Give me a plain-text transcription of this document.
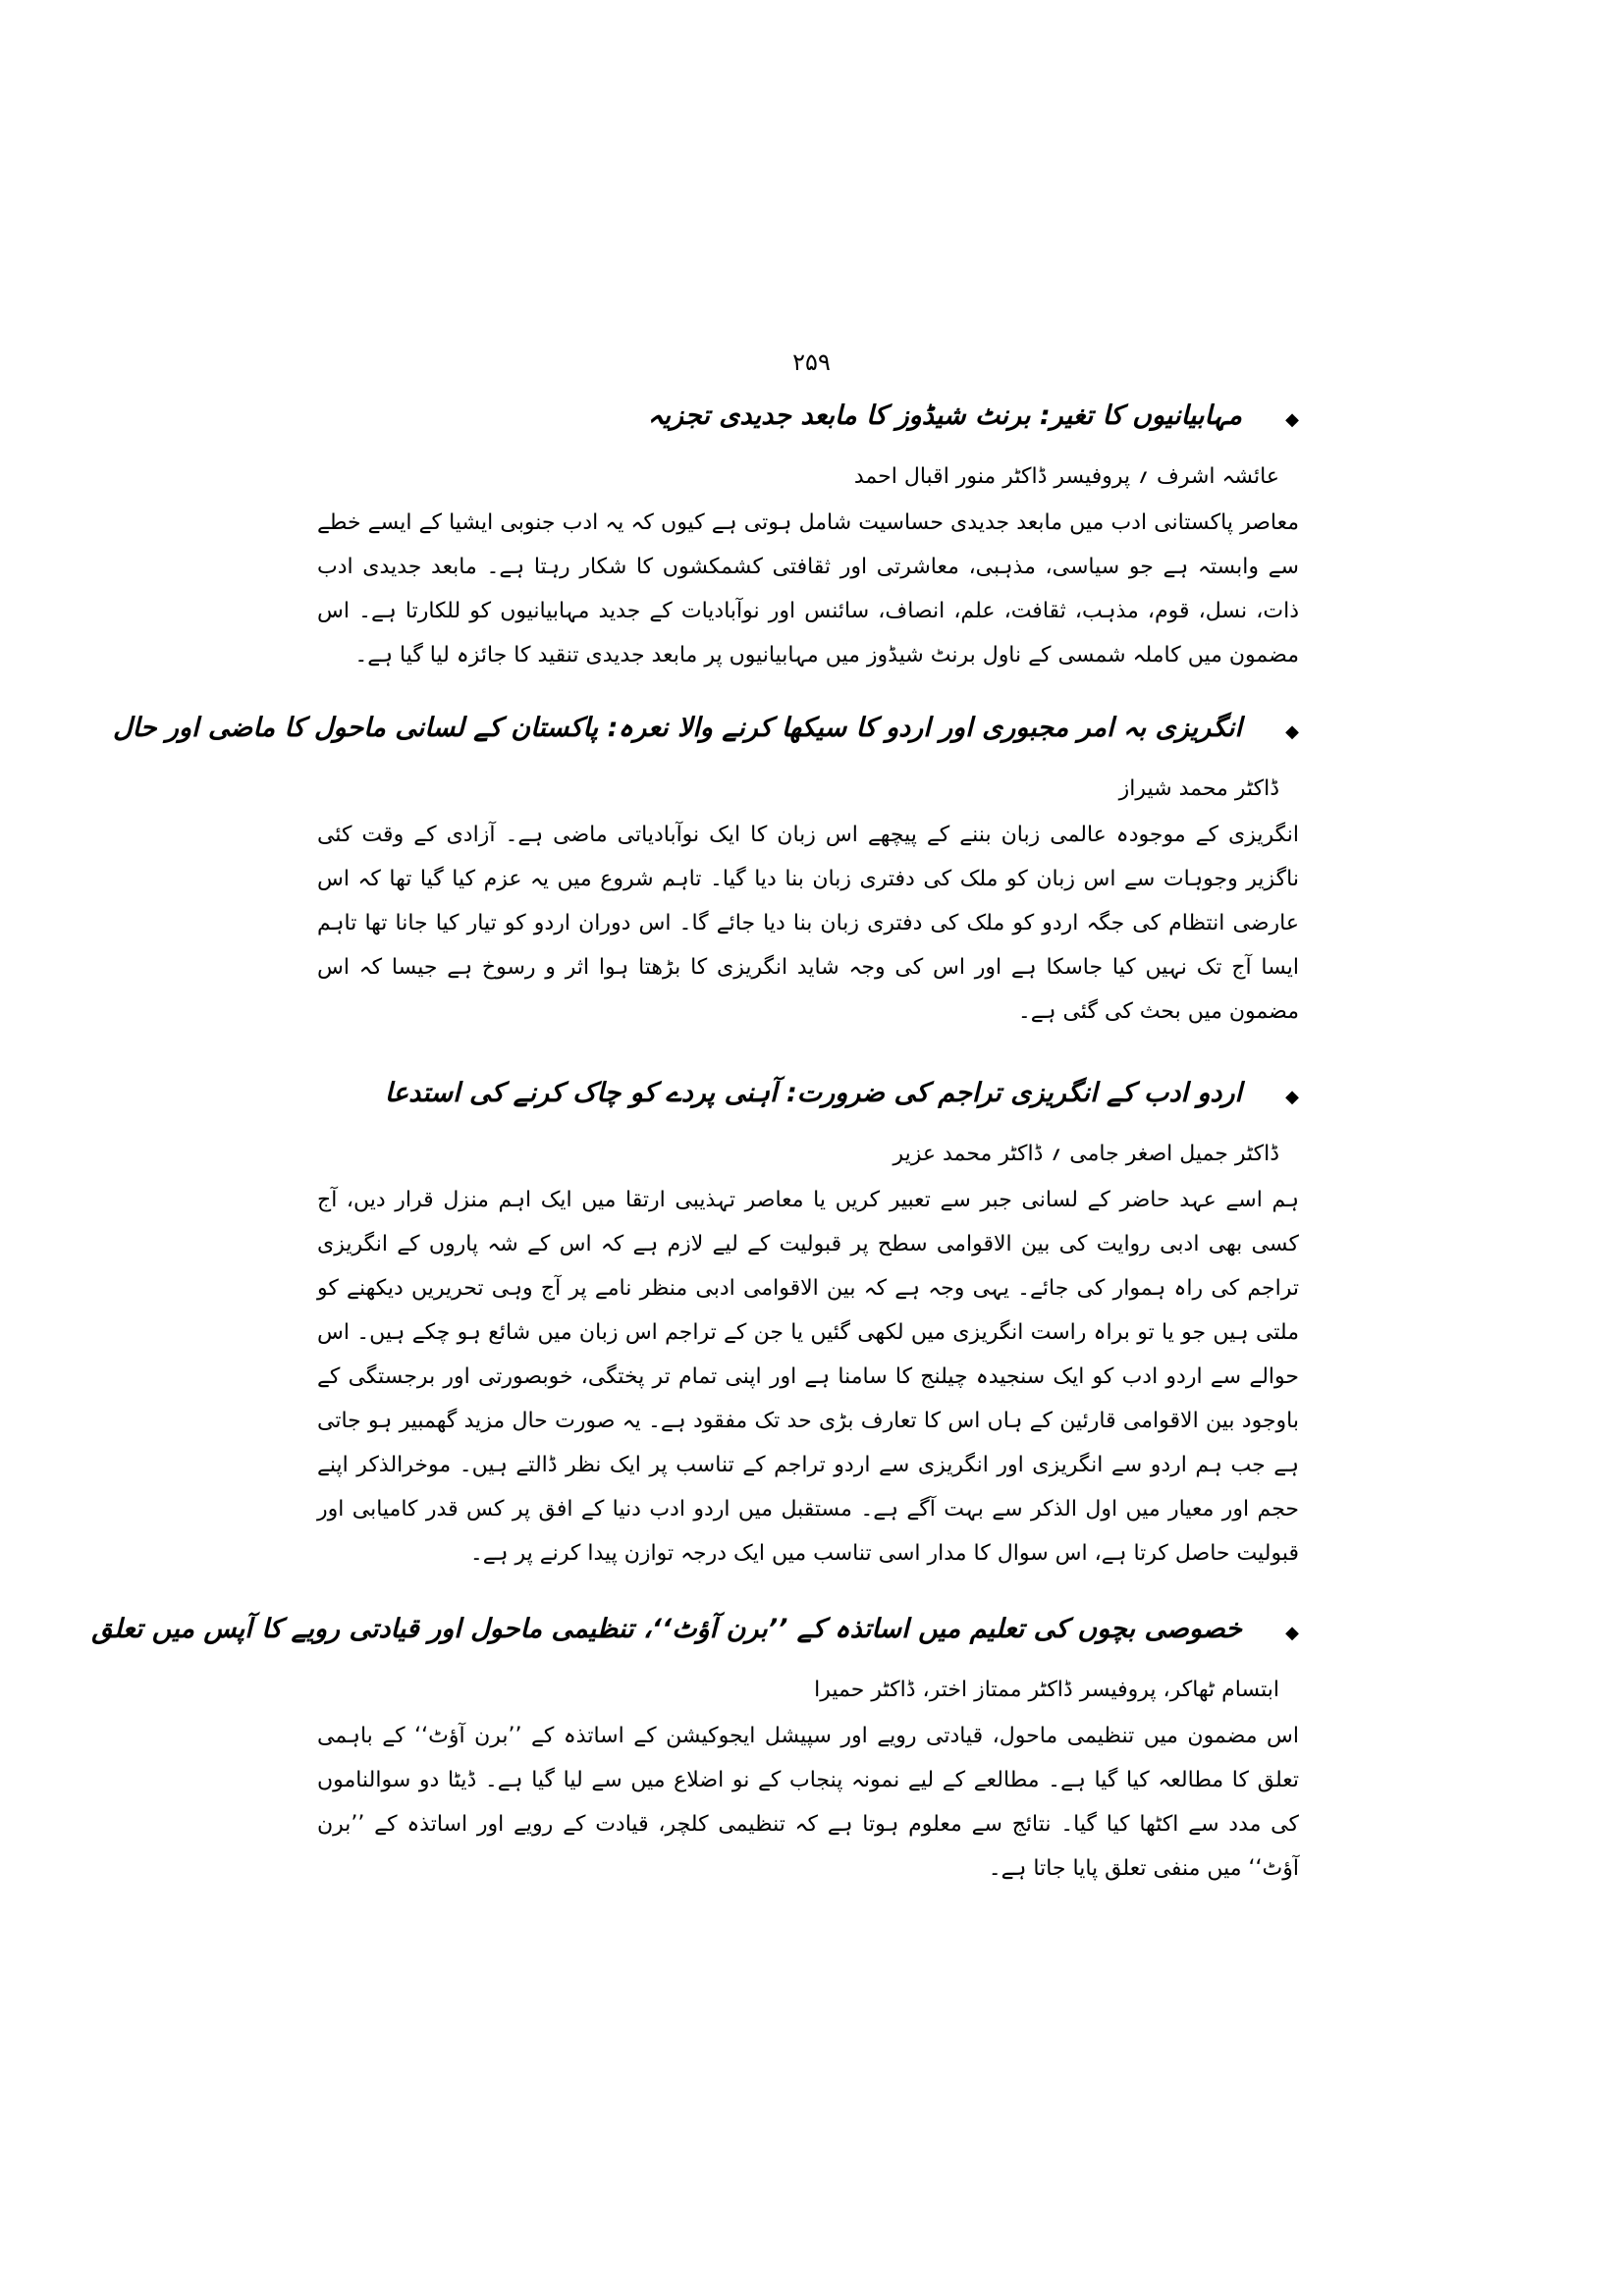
۲۵۹
◆
مہابیانیوں کا تغیر: برنٹ شیڈوز کا مابعد جدیدی تجزیہ
عائشہ اشرف ؍ پروفیسر ڈاکٹر منور اقبال احمد
معاصر پاکستانی ادب میں مابعد جدیدی حساسیت شامل ہوتی ہے کیوں کہ یہ ادب جنوبی ایشیا کے ایسے خطے سے وابستہ ہے جو سیاسی، مذہبی، معاشرتی اور ثقافتی کشمکشوں کا شکار رہتا ہے۔ مابعد جدیدی ادب ذات، نسل، قوم، مذہب، ثقافت، علم، انصاف، سائنس اور نوآبادیات کے جدید مہابیانیوں کو للکارتا ہے۔ اس مضمون میں کاملہ شمسی کے ناول برنٹ شیڈوز میں مہابیانیوں پر مابعد جدیدی تنقید کا جائزہ لیا گیا ہے۔
◆
انگریزی بہ امر مجبوری اور اردو کا سیکھا کرنے والا نعرہ: پاکستان کے لسانی ماحول کا ماضی اور حال
ڈاکٹر محمد شیراز
انگریزی کے موجودہ عالمی زبان بننے کے پیچھے اس زبان کا ایک نوآبادیاتی ماضی ہے۔ آزادی کے وقت کئی ناگزیر وجوہات سے اس زبان کو ملک کی دفتری زبان بنا دیا گیا۔ تاہم شروع میں یہ عزم کیا گیا تھا کہ اس عارضی انتظام کی جگہ اردو کو ملک کی دفتری زبان بنا دیا جائے گا۔ اس دوران اردو کو تیار کیا جانا تھا تاہم ایسا آج تک نہیں کیا جاسکا ہے اور اس کی وجہ شاید انگریزی کا بڑھتا ہوا اثر و رسوخ ہے جیسا کہ اس مضمون میں بحث کی گئی ہے۔
◆
اردو ادب کے انگریزی تراجم کی ضرورت: آہنی پردے کو چاک کرنے کی استدعا
ڈاکٹر جمیل اصغر جامی ؍ ڈاکٹر محمد عزیر
ہم اسے عہد حاضر کے لسانی جبر سے تعبیر کریں یا معاصر تہذیبی ارتقا میں ایک اہم منزل قرار دیں، آج کسی بھی ادبی روایت کی بین الاقوامی سطح پر قبولیت کے لیے لازم ہے کہ اس کے شہ پاروں کے انگریزی تراجم کی راہ ہموار کی جائے۔ یہی وجہ ہے کہ بین الاقوامی ادبی منظر نامے پر آج وہی تحریریں دیکھنے کو ملتی ہیں جو یا تو براہ راست انگریزی میں لکھی گئیں یا جن کے تراجم اس زبان میں شائع ہو چکے ہیں۔ اس حوالے سے اردو ادب کو ایک سنجیدہ چیلنج کا سامنا ہے اور اپنی تمام تر پختگی، خوبصورتی اور برجستگی کے باوجود بین الاقوامی قارئین کے ہاں اس کا تعارف بڑی حد تک مفقود ہے۔ یہ صورت حال مزید گھمبیر ہو جاتی ہے جب ہم اردو سے انگریزی اور انگریزی سے اردو تراجم کے تناسب پر ایک نظر ڈالتے ہیں۔ موخرالذکر اپنے حجم اور معیار میں اول الذکر سے بہت آگے ہے۔ مستقبل میں اردو ادب دنیا کے افق پر کس قدر کامیابی اور قبولیت حاصل کرتا ہے، اس سوال کا مدار اسی تناسب میں ایک درجہ توازن پیدا کرنے پر ہے۔
◆
خصوصی بچوں کی تعلیم میں اساتذہ کے ’’برن آؤٹ‘‘، تنظیمی ماحول اور قیادتی رویے کا آپس میں تعلق
ابتسام ٹھاکر، پروفیسر ڈاکٹر ممتاز اختر، ڈاکٹر حمیرا
اس مضمون میں تنظیمی ماحول، قیادتی رویے اور سپیشل ایجوکیشن کے اساتذہ کے ’’برن آؤٹ‘‘ کے باہمی تعلق کا مطالعہ کیا گیا ہے۔ مطالعے کے لیے نمونہ پنجاب کے نو اضلاع میں سے لیا گیا ہے۔ ڈیٹا دو سوالناموں کی مدد سے اکٹھا کیا گیا۔ نتائج سے معلوم ہوتا ہے کہ تنظیمی کلچر، قیادت کے رویے اور اساتذہ کے ’’برن آؤٹ‘‘ میں منفی تعلق پایا جاتا ہے۔
